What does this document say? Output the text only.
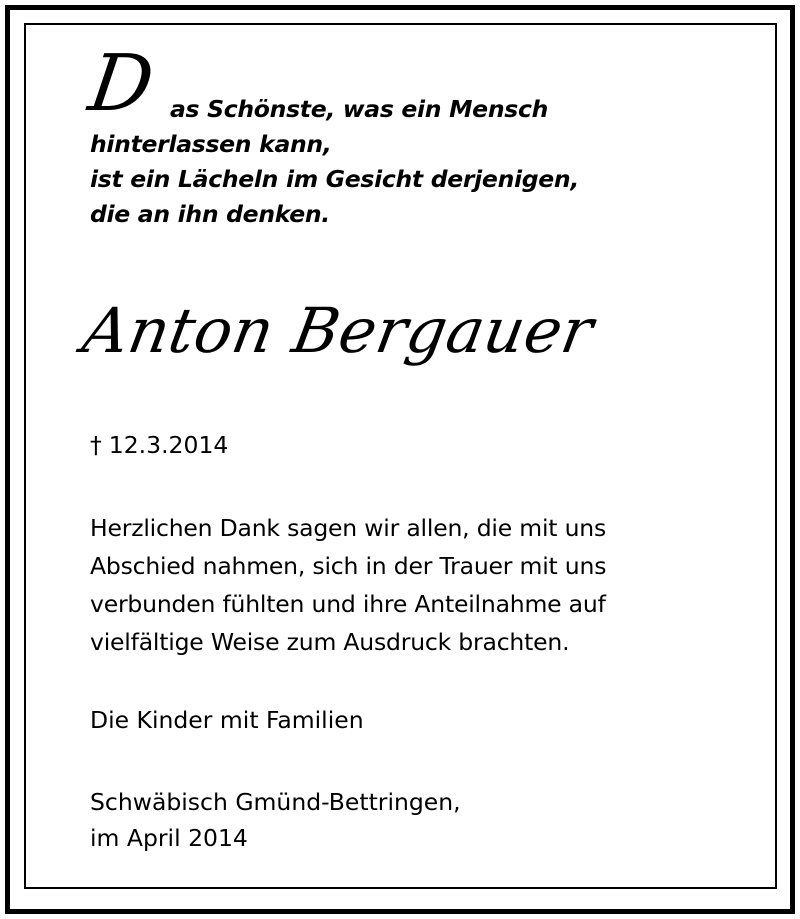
D as Schönste, was ein Mensch
hinterlassen kann,
ist ein Lächeln im Gesicht derjenigen,
die an ihn denken.
Anton Bergauer
† 12.3.2014
Herzlichen Dank sagen wir allen, die mit uns
Abschied nahmen, sich in der Trauer mit uns
verbunden fühlten und ihre Anteilnahme auf
vielfältige Weise zum Ausdruck brachten.
Die Kinder mit Familien
Schwäbisch Gmünd-Bettringen,
im April 2014
